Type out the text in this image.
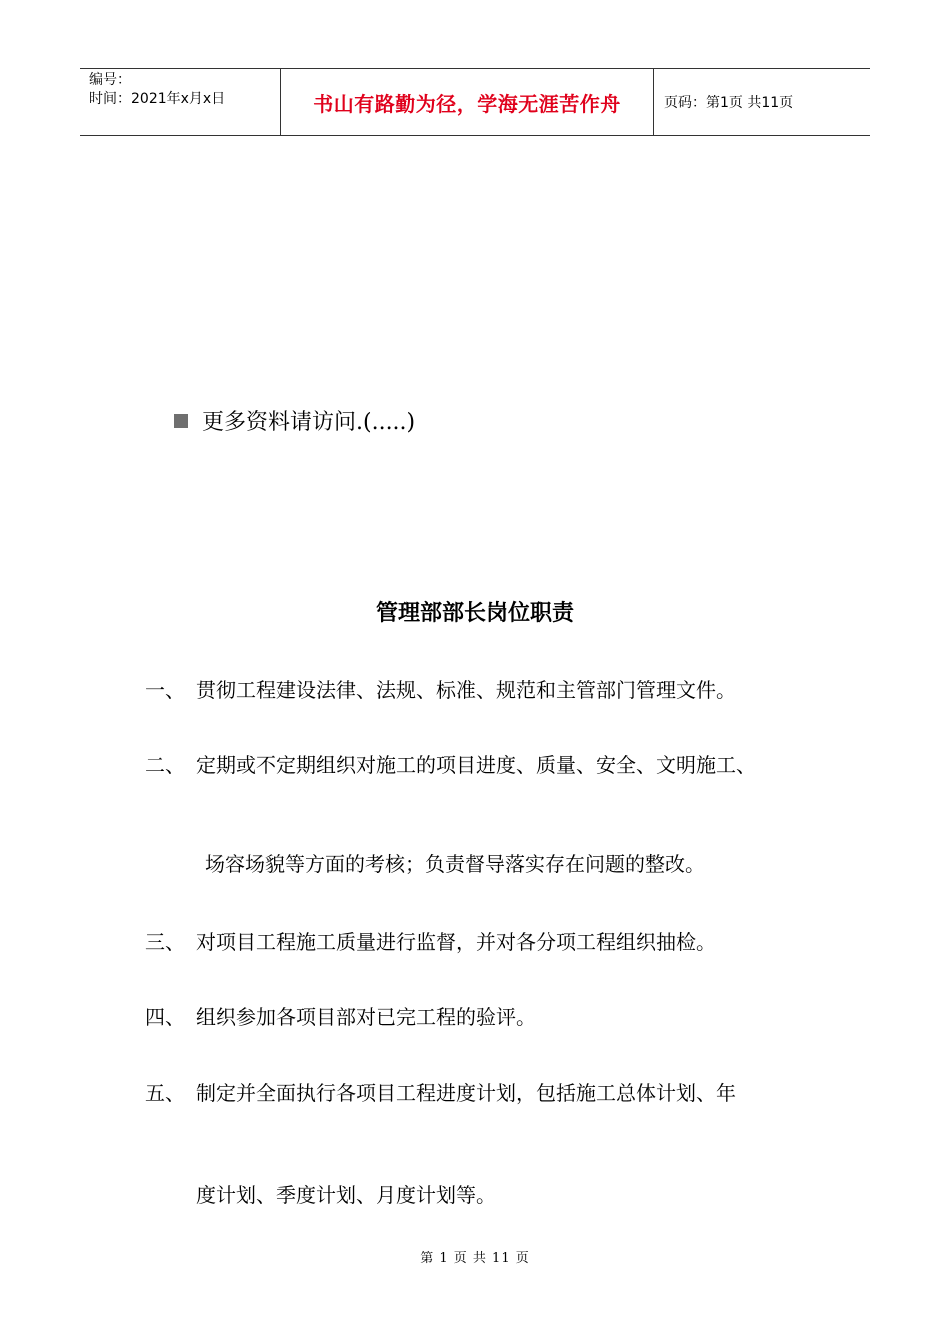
编号：
时间：2021年x月x日	书山有路勤为径，学海无涯苦作舟	页码：第1页 共11页
更多资料请访问.(.....)
管理部部长岗位职责
一、 贯彻工程建设法律、法规、标准、规范和主管部门管理文件。
二、 定期或不定期组织对施工的项目进度、质量、安全、文明施工、
场容场貌等方面的考核；负责督导落实存在问题的整改。
三、 对项目工程施工质量进行监督，并对各分项工程组织抽检。
四、 组织参加各项目部对已完工程的验评。
五、 制定并全面执行各项目工程进度计划，包括施工总体计划、年
度计划、季度计划、月度计划等。
第 1 页 共 11 页
